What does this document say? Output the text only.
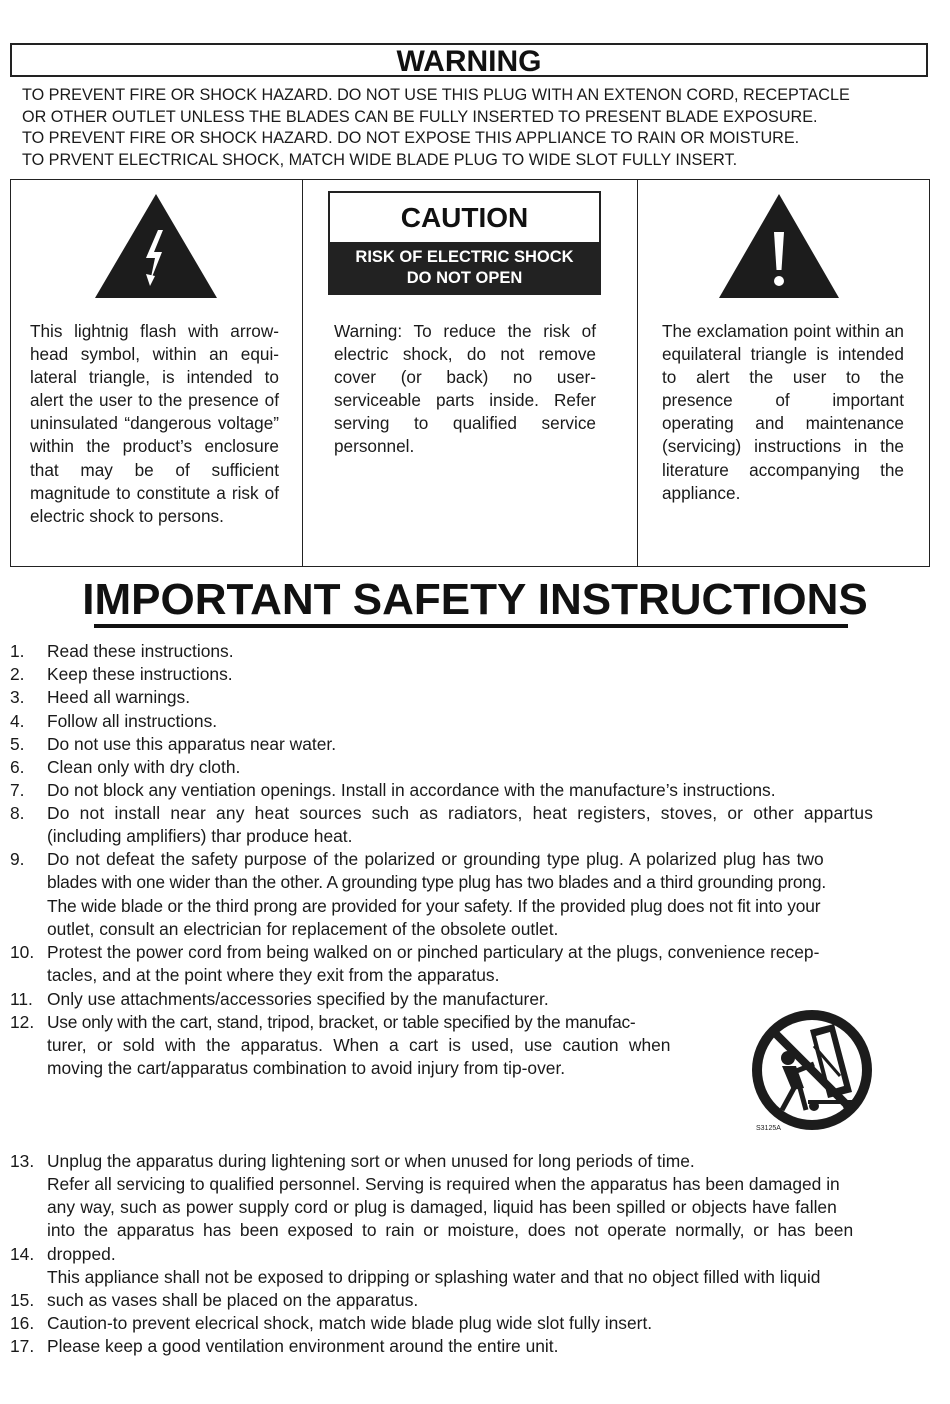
WARNING
TO PREVENT FIRE OR SHOCK HAZARD. DO NOT USE THIS PLUG WITH AN EXTENON CORD, RECEPTACLE
OR OTHER OUTLET UNLESS THE BLADES CAN BE FULLY INSERTED TO PRESENT BLADE EXPOSURE.
TO PREVENT FIRE OR SHOCK HAZARD. DO NOT EXPOSE THIS APPLIANCE TO RAIN OR MOISTURE.
TO PRVENT ELECTRICAL SHOCK, MATCH WIDE BLADE PLUG TO WIDE SLOT FULLY INSERT.
This lightnig flash with arrow-head symbol, within an equi-lateral triangle, is intended to alert the user to the presence of uninsulated “dangerous voltage” within the product’s enclosure that may be of sufficient magnitude to constitute a risk of electric shock to persons.
CAUTION
RISK OF ELECTRIC SHOCK
DO NOT OPEN
Warning: To reduce the risk of electric shock, do not remove cover (or back) no user-serviceable parts inside. Refer serving to qualified service personnel.
The exclamation point within an equilateral triangle is intended to alert the user to the presence of important operating and maintenance (servicing) instructions in the literature accompanying the appliance.
IMPORTANT SAFETY INSTRUCTIONS
1.
2.
3.
4.
5.
6.
7.
8.
9.
10.
11.
12.
13.
14.
15.
16.
17.
Read these instructions.
Keep these instructions.
Heed all warnings.
Follow all instructions.
Do not use this apparatus near water.
Clean only with dry cloth.
Do not block any ventiation openings. Install in accordance with the manufacture’s instructions.
Do not install near any heat sources such as radiators, heat registers, stoves, or other appartus
(including amplifiers) thar produce heat.
Do not defeat the safety purpose of the polarized or grounding type plug. A polarized plug has two
blades with one wider than the other. A grounding type plug has two blades and a third grounding prong.
The wide blade or the third prong are provided for your safety. If the provided plug does not fit into your
outlet, consult an electrician for replacement of the obsolete outlet.
Protest the power cord from being walked on or pinched particulary at the plugs, convenience recep-
tacles, and at the point where they exit from the apparatus.
Only use attachments/accessories specified by the manufacturer.
Use only with the cart, stand, tripod, bracket, or table specified by the manufac-
turer, or sold with the apparatus. When a cart is used, use caution when
moving the cart/apparatus combination to avoid injury from tip-over.
Unplug the apparatus during lightening sort or when unused for long periods of time.
Refer all servicing to qualified personnel. Serving is required when the apparatus has been damaged in
any way, such as power supply cord or plug is damaged, liquid has been spilled or objects have fallen
into the apparatus has been exposed to rain or moisture, does not operate normally, or has been
dropped.
This appliance shall not be exposed to dripping or splashing water and that no object filled with liquid
such as vases shall be placed on the apparatus.
Caution-to prevent elecrical shock, match wide blade plug wide slot fully insert.
Please keep a good ventilation environment around the entire unit.
S3125A
